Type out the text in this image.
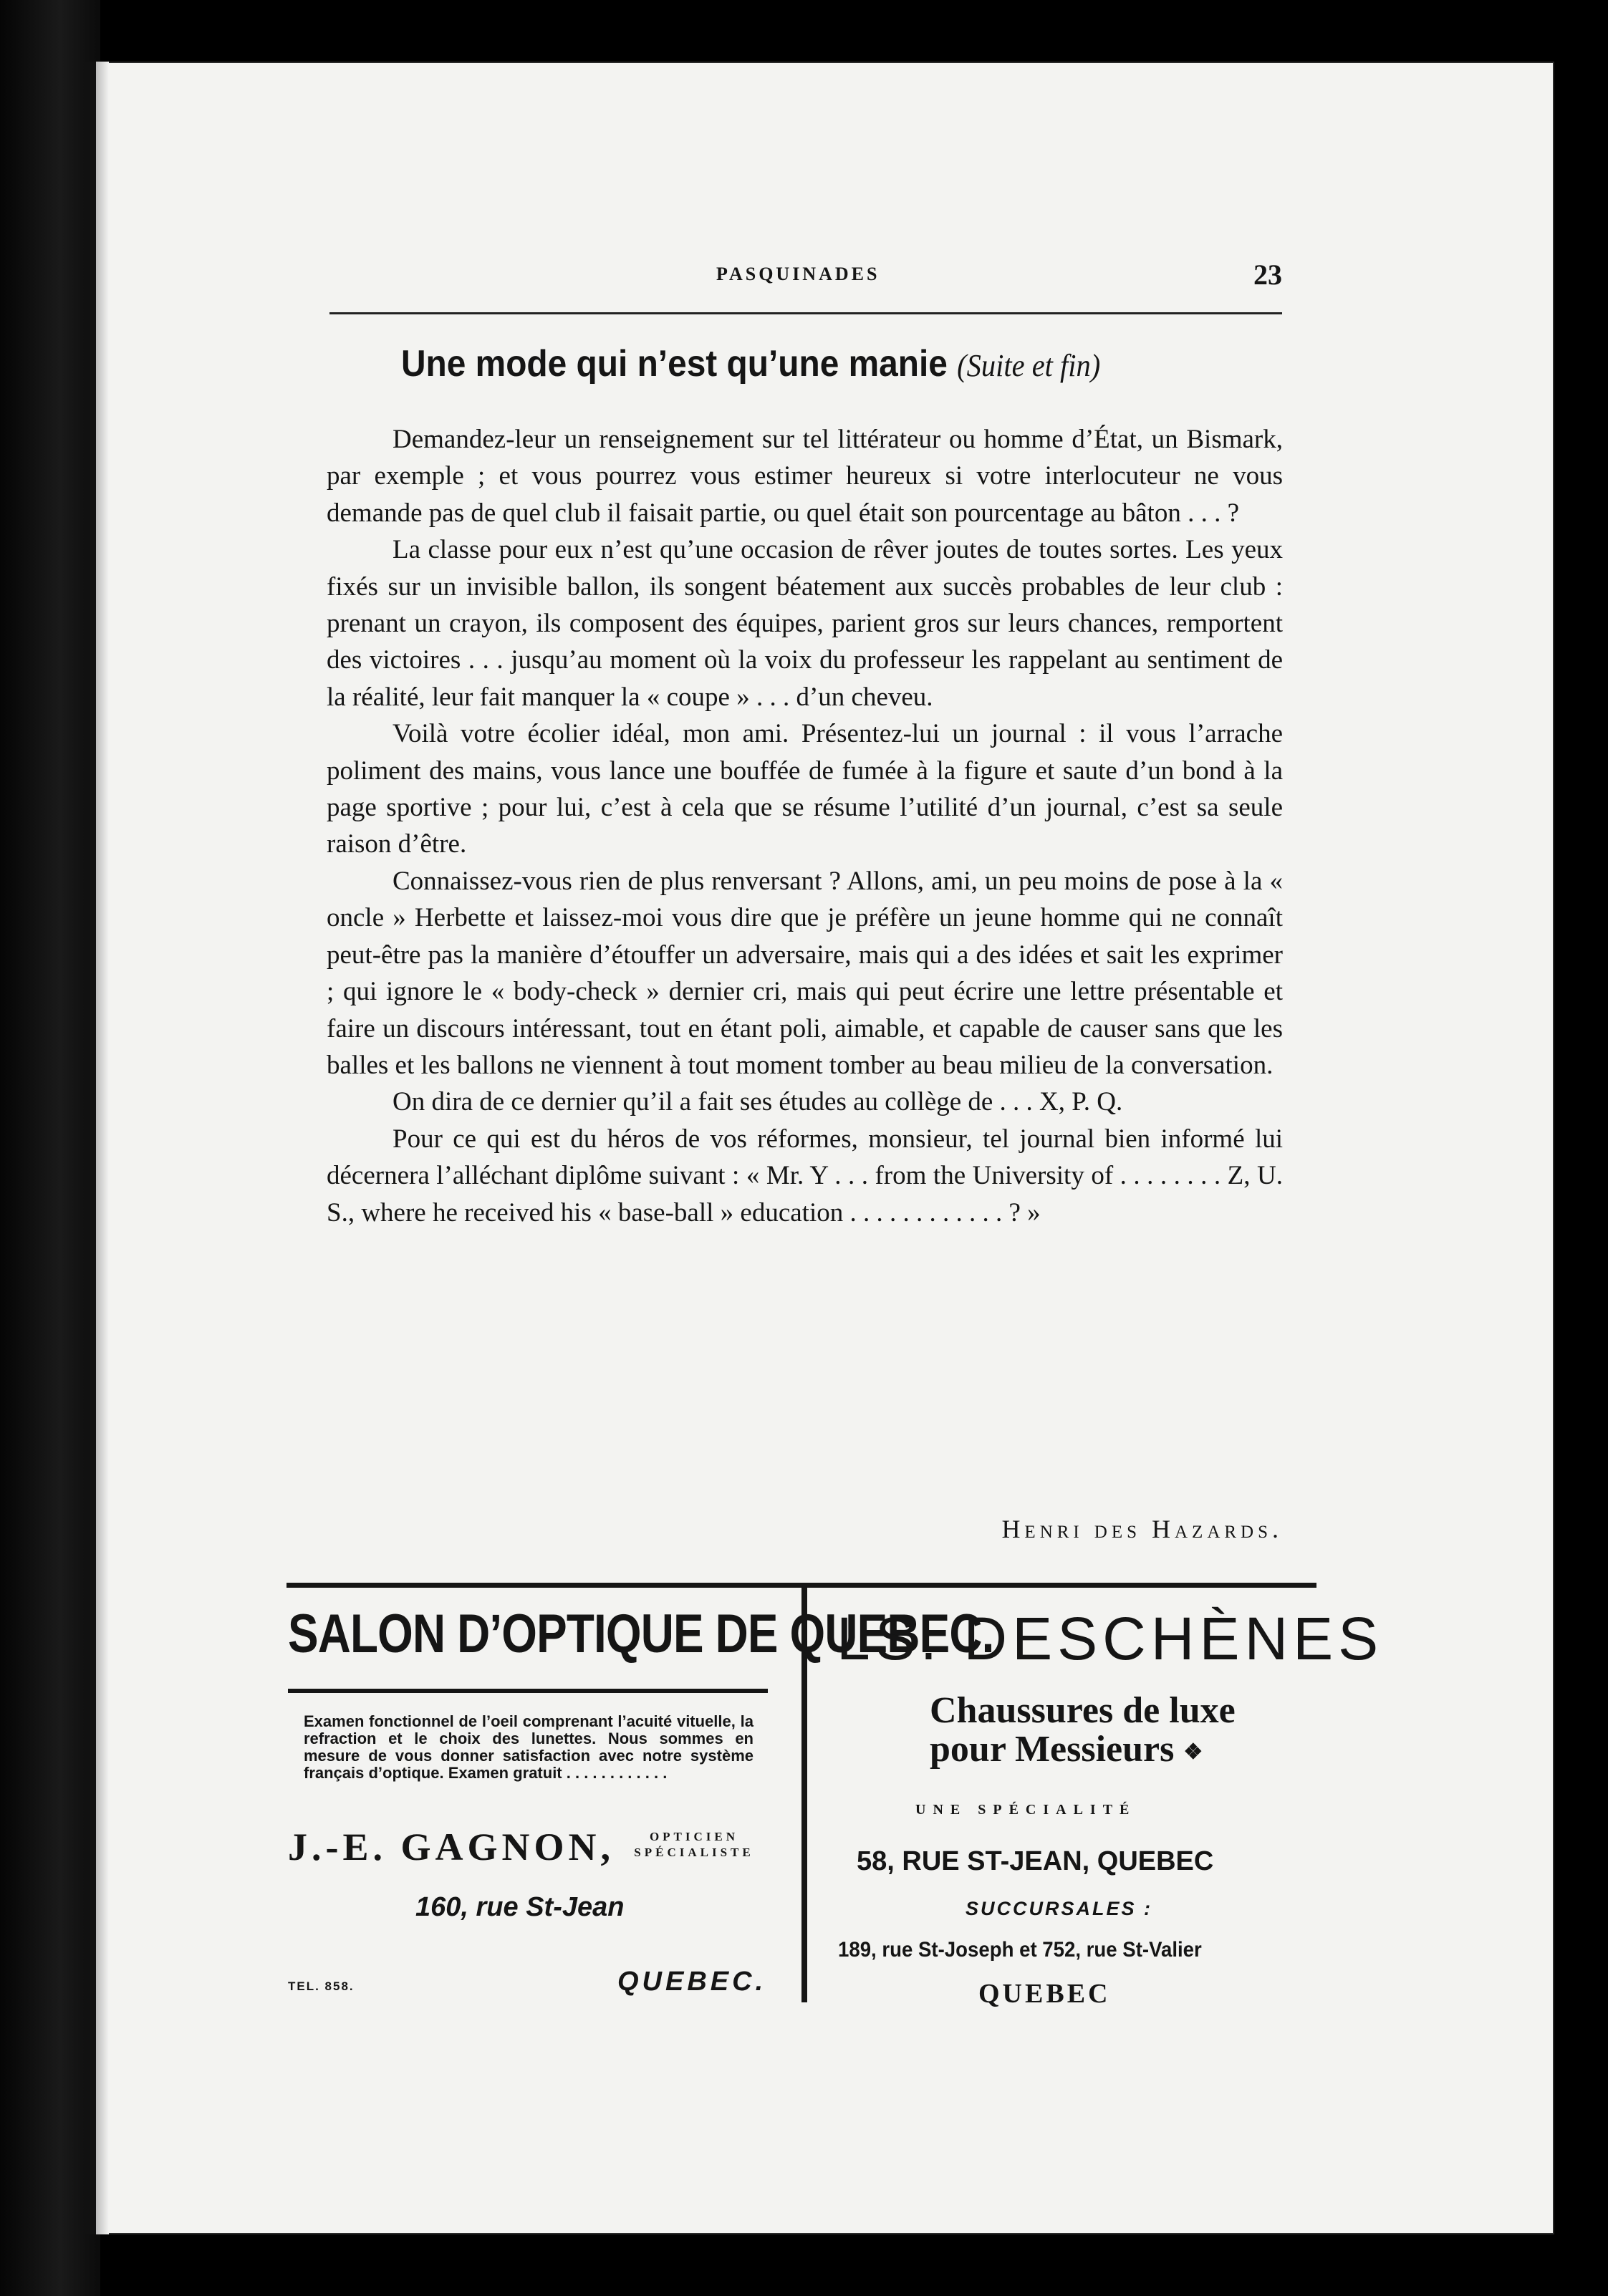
PASQUINADES	23
Une mode qui n’est qu’une manie (Suite et fin)

Demandez-leur un renseignement sur tel littérateur ou homme d’État, un Bismark, par exemple ; et vous pourrez vous estimer heureux si votre interlocuteur ne vous demande pas de quel club il faisait partie, ou quel était son pourcentage au bâton . . . ?

La classe pour eux n’est qu’une occasion de rêver joutes de toutes sortes. Les yeux fixés sur un invisible ballon, ils songent béatement aux succès probables de leur club : prenant un crayon, ils composent des équipes, parient gros sur leurs chances, remportent des victoires . . . jusqu’au moment où la voix du professeur les rappelant au sentiment de la réalité, leur fait manquer la « coupe » . . . d’un cheveu.

Voilà votre écolier idéal, mon ami. Présentez-lui un journal : il vous l’arrache poliment des mains, vous lance une bouffée de fumée à la figure et saute d’un bond à la page sportive ; pour lui, c’est à cela que se résume l’utilité d’un journal, c’est sa seule raison d’être.

Connaissez-vous rien de plus renversant ? Allons, ami, un peu moins de pose à la « oncle » Herbette et laissez-moi vous dire que je préfère un jeune homme qui ne connaît peut-être pas la manière d’étouffer un adversaire, mais qui a des idées et sait les exprimer ; qui ignore le « body-check » dernier cri, mais qui peut écrire une lettre présentable et faire un discours intéressant, tout en étant poli, aimable, et capable de causer sans que les balles et les ballons ne viennent à tout moment tomber au beau milieu de la conversation.

On dira de ce dernier qu’il a fait ses études au collège de . . . X, P. Q.

Pour ce qui est du héros de vos réformes, monsieur, tel journal bien informé lui décernera l’alléchant diplôme suivant : « Mr. Y . . . from the University of . . . . . . . . Z, U. S., where he received his « base-ball » education . . . . . . . . . . . . ? »

Henri des Hazards.
SALON D’OPTIQUE DE QUEBEC.
Examen fonctionnel de l’oeil comprenant l’acuité vituelle, la refraction et le choix des lunettes. Nous sommes en mesure de vous donner satisfaction avec notre système français d’optique. Examen gratuit . . . . . . . . . . . .
J.-E. GAGNON,	OPTICIEN
SPÉCIALISTE
160, rue St-Jean
TEL. 858.	QUEBEC.
LS. DESCHÈNES
Chaussures de luxe
pour Messieurs ❖
UNE SPÉCIALITÉ
58, RUE ST-JEAN, QUEBEC
SUCCURSALES :
189, rue St-Joseph et 752, rue St-Valier
QUEBEC
